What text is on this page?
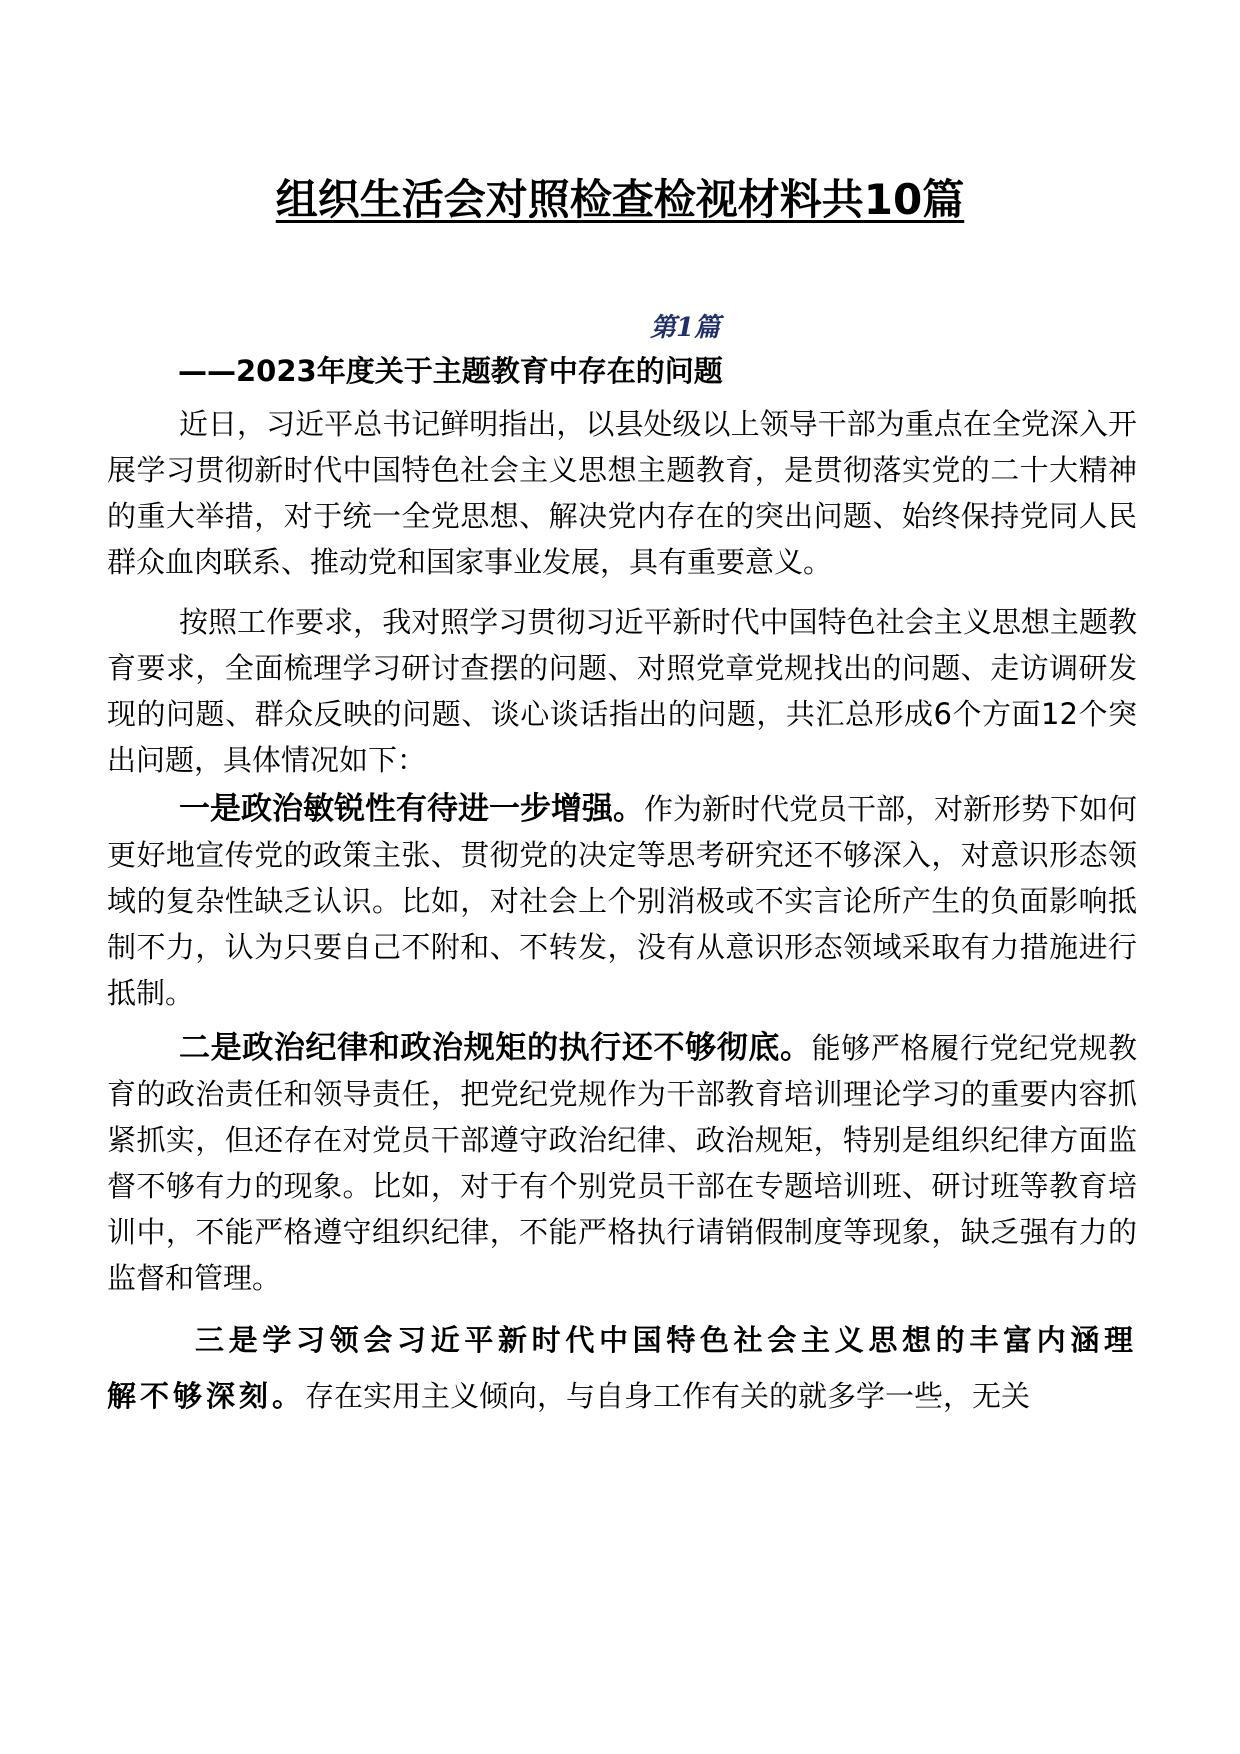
组织生活会对照检查检视材料共10篇
第1篇
——2023年度关于主题教育中存在的问题

近日，习近平总书记鲜明指出，以县处级以上领导干部为重点在全党深入开展学习贯彻新时代中国特色社会主义思想主题教育，是贯彻落实党的二十大精神的重大举措，对于统一全党思想、解决党内存在的突出问题、始终保持党同人民群众血肉联系、推动党和国家事业发展，具有重要意义。

按照工作要求，我对照学习贯彻习近平新时代中国特色社会主义思想主题教育要求，全面梳理学习研讨查摆的问题、对照党章党规找出的问题、走访调研发现的问题、群众反映的问题、谈心谈话指出的问题，共汇总形成6个方面12个突出问题，具体情况如下：

一是政治敏锐性有待进一步增强。作为新时代党员干部，对新形势下如何更好地宣传党的政策主张、贯彻党的决定等思考研究还不够深入，对意识形态领域的复杂性缺乏认识。比如，对社会上个别消极或不实言论所产生的负面影响抵制不力，认为只要自己不附和、不转发，没有从意识形态领域采取有力措施进行抵制。

二是政治纪律和政治规矩的执行还不够彻底。能够严格履行党纪党规教育的政治责任和领导责任，把党纪党规作为干部教育培训理论学习的重要内容抓紧抓实，但还存在对党员干部遵守政治纪律、政治规矩，特别是组织纪律方面监督不够有力的现象。比如，对于有个别党员干部在专题培训班、研讨班等教育培训中，不能严格遵守组织纪律，不能严格执行请销假制度等现象，缺乏强有力的监督和管理。

三是学习领会习近平新时代中国特色社会主义思想的丰富内涵理解不够深刻。存在实用主义倾向，与自身工作有关的就多学一些，无关
